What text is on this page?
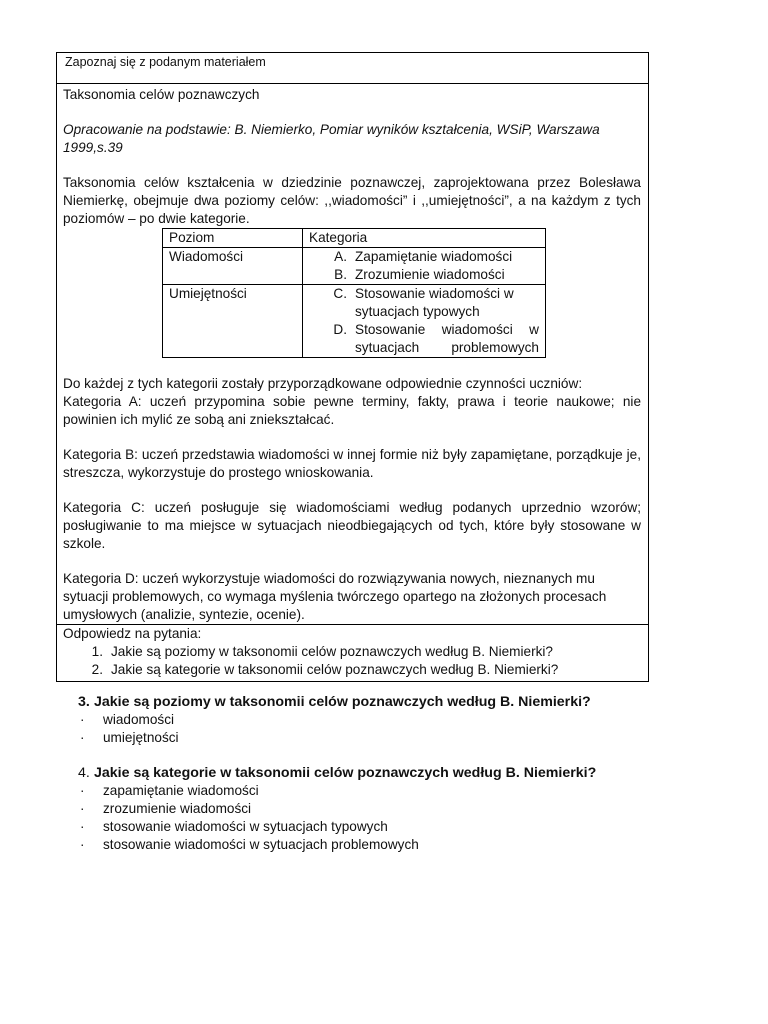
Zapoznaj się z podanym materiałem

Taksonomia celów poznawczych

Opracowanie na podstawie: B. Niemierko, Pomiar wyników kształcenia, WSiP, Warszawa 1999,s.39

Taksonomia celów kształcenia w dziedzinie poznawczej, zaprojektowana przez Bolesława Niemierkę, obejmuje dwa poziomy celów: ,,wiadomości” i ,,umiejętności”, a na każdym z tych poziomów – po dwie kategorie.

Poziom	Kategoria
Wiadomości	A. Zapamiętanie wiadomości
B. Zrozumienie wiadomości

Umiejętności	C. Stosowanie wiadomości w sytuacjach typowych
D. Stosowanie wiadomości w sytuacjach problemowych

Do każdej z tych kategorii zostały przyporządkowane odpowiednie czynności uczniów:

Kategoria A: uczeń przypomina sobie pewne terminy, fakty, prawa i teorie naukowe; nie powinien ich mylić ze sobą ani zniekształcać.

Kategoria B: uczeń przedstawia wiadomości w innej formie niż były zapamiętane, porządkuje je, streszcza, wykorzystuje do prostego wnioskowania.

Kategoria C: uczeń posługuje się wiadomościami według podanych uprzednio wzorów; posługiwanie to ma miejsce w sytuacjach nieodbiegających od tych, które były stosowane w szkole.

Kategoria D: uczeń wykorzystuje wiadomości do rozwiązywania nowych, nieznanych mu sytuacji problemowych, co wymaga myślenia twórczego opartego na złożonych procesach umysłowych (analizie, syntezie, ocenie).

Odpowiedz na pytania:
1. Jakie są poziomy w taksonomii celów poznawczych według B. Niemierki?
2. Jakie są kategorie w taksonomii celów poznawczych według B. Niemierki?
3. Jakie są poziomy w taksonomii celów poznawczych według B. Niemierki?
·	wiadomości
·	umiejętności
4. Jakie są kategorie w taksonomii celów poznawczych według B. Niemierki?
·	zapamiętanie wiadomości
·	zrozumienie wiadomości
·	stosowanie wiadomości w sytuacjach typowych
·	stosowanie wiadomości w sytuacjach problemowych
